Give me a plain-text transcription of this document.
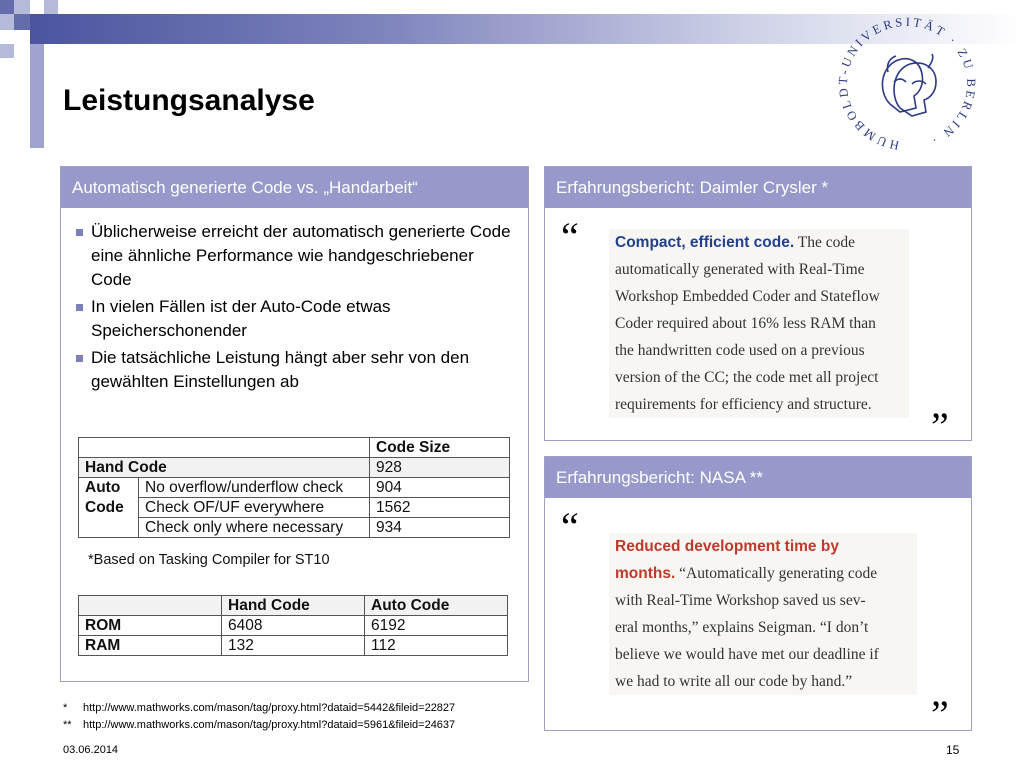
Leistungsanalyse
HUMBOLDT-UNIVERSITÄT · ZU BERLIN ·
Automatisch generierte Code vs. „Handarbeit“
Üblicherweise erreicht der automatisch generierte Code eine ähnliche Performance wie handgeschriebener Code
In vielen Fällen ist der Auto-Code etwas Speicherschonender
Die tatsächliche Leistung hängt aber sehr von den gewählten Einstellungen ab
		Code Size
Hand Code		928
Auto
Code	No overflow/underflow check	904
	Check OF/UF everywhere	1562
	Check only where necessary	934
*Based on Tasking Compiler for ST10
	Hand Code	Auto Code
ROM	6408	6192
RAM	132	112
Erfahrungsbericht: Daimler Crysler *
“	Compact, efficient code. The code
automatically generated with Real-Time
Workshop Embedded Coder and Stateflow
Coder required about 16% less RAM than
the handwritten code used on a previous
version of the CC; the code met all project
requirements for efficiency and structure.	”
Erfahrungsbericht: NASA **
“	Reduced development time by
months. “Automatically generating code
with Real-Time Workshop saved us sev-
eral months,” explains Seigman. “I don’t
believe we would have met our deadline if
we had to write all our code by hand.”
”
* http://www.mathworks.com/mason/tag/proxy.html?dataid=5442&fileid=22827
** http://www.mathworks.com/mason/tag/proxy.html?dataid=5961&fileid=24637
03.06.2014	15
